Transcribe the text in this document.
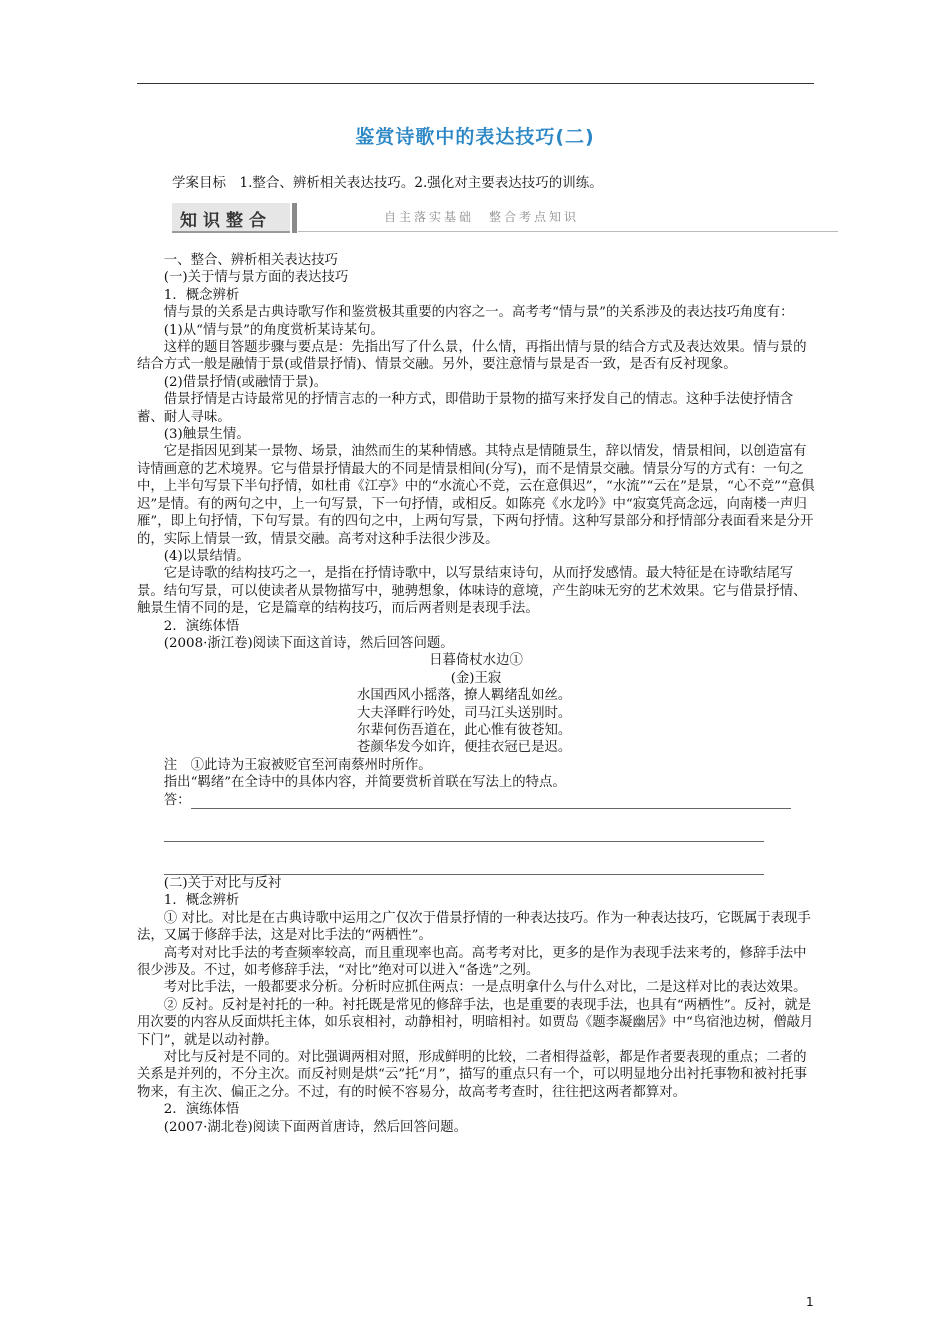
鉴赏诗歌中的表达技巧(二)
学案目标　1.整合、辨析相关表达技巧。2.强化对主要表达技巧的训练。
知识整合	自主落实基础　整合考点知识

一、整合、辨析相关表达技巧

(一)关于情与景方面的表达技巧

1．概念辨析

情与景的关系是古典诗歌写作和鉴赏极其重要的内容之一。高考考“情与景”的关系涉及的表达技巧角度有：

(1)从“情与景”的角度赏析某诗某句。

这样的题目答题步骤与要点是：先指出写了什么景，什么情，再指出情与景的结合方式及表达效果。情与景的结合方式一般是融情于景(或借景抒情)、情景交融。另外，要注意情与景是否一致，是否有反衬现象。

(2)借景抒情(或融情于景)。

借景抒情是古诗最常见的抒情言志的一种方式，即借助于景物的描写来抒发自己的情志。这种手法使抒情含蓄、耐人寻味。

(3)触景生情。

它是指因见到某一景物、场景，油然而生的某种情感。其特点是情随景生，辞以情发，情景相间，以创造富有诗情画意的艺术境界。它与借景抒情最大的不同是情景相间(分写)，而不是情景交融。情景分写的方式有：一句之中，上半句写景下半句抒情，如杜甫《江亭》中的“水流心不竞，云在意俱迟”，“水流”“云在”是景，“心不竞”“意俱迟”是情。有的两句之中，上一句写景，下一句抒情，或相反。如陈亮《水龙吟》中“寂寞凭高念远，向南楼一声归雁”，即上句抒情，下句写景。有的四句之中，上两句写景，下两句抒情。这种写景部分和抒情部分表面看来是分开的，实际上情景一致，情景交融。高考对这种手法很少涉及。

(4)以景结情。

它是诗歌的结构技巧之一，是指在抒情诗歌中，以写景结束诗句，从而抒发感情。最大特征是在诗歌结尾写景。结句写景，可以使读者从景物描写中，驰骋想象，体味诗的意境，产生韵味无穷的艺术效果。它与借景抒情、触景生情不同的是，它是篇章的结构技巧，而后两者则是表现手法。

2．演练体悟

(2008·浙江卷)阅读下面这首诗，然后回答问题。

日暮倚杖水边①

(金)王寂

水国西风小摇落，撩人羁绪乱如丝。

大夫泽畔行吟处，司马江头送别时。

尔辈何伤吾道在，此心惟有彼苍知。

苍颜华发今如许，便挂衣冠已是迟。

注　①此诗为王寂被贬官至河南蔡州时所作。

指出“羁绪”在全诗中的具体内容，并简要赏析首联在写法上的特点。

答：

(二)关于对比与反衬

1．概念辨析

① 对比。对比是在古典诗歌中运用之广仅次于借景抒情的一种表达技巧。作为一种表达技巧，它既属于表现手法，又属于修辞手法，这是对比手法的“两栖性”。

高考对对比手法的考查频率较高，而且重现率也高。高考考对比，更多的是作为表现手法来考的，修辞手法中很少涉及。不过，如考修辞手法，“对比”绝对可以进入“备选”之列。

考对比手法，一般都要求分析。分析时应抓住两点：一是点明拿什么与什么对比，二是这样对比的表达效果。

② 反衬。反衬是衬托的一种。衬托既是常见的修辞手法，也是重要的表现手法，也具有“两栖性”。反衬，就是用次要的内容从反面烘托主体，如乐哀相衬，动静相衬，明暗相衬。如贾岛《题李凝幽居》中“鸟宿池边树，僧敲月下门”，就是以动衬静。

对比与反衬是不同的。对比强调两相对照，形成鲜明的比较，二者相得益彰，都是作者要表现的重点；二者的关系是并列的，不分主次。而反衬则是烘“云”托“月”，描写的重点只有一个，可以明显地分出衬托事物和被衬托事物来，有主次、偏正之分。不过，有的时候不容易分，故高考考查时，往往把这两者都算对。

2．演练体悟

(2007·湖北卷)阅读下面两首唐诗，然后回答问题。

1
